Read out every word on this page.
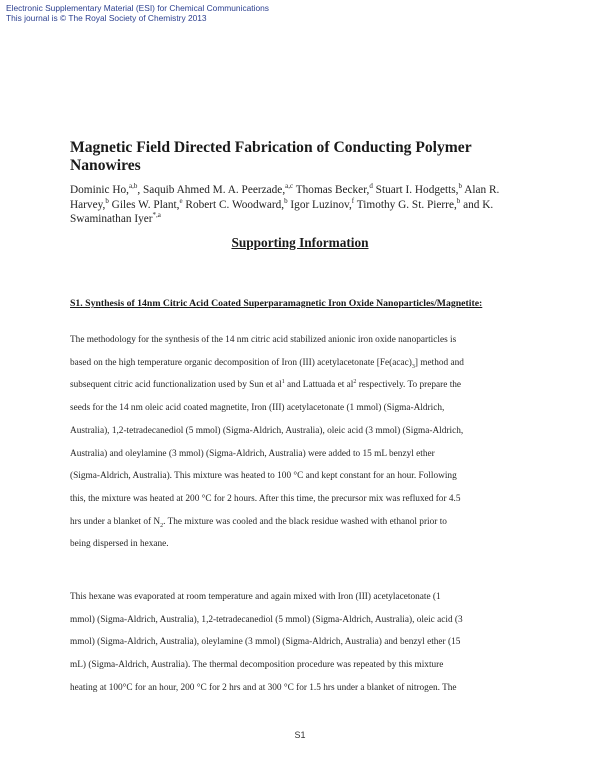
Electronic Supplementary Material (ESI) for Chemical Communications
This journal is © The Royal Society of Chemistry 2013
Magnetic Field Directed Fabrication of Conducting Polymer Nanowires
Dominic Ho,$^{a,b}$, Saquib Ahmed M. A. Peerzade,$^{a,c}$ Thomas Becker,$^d$ Stuart I. Hodgetts,$^b$ Alan R. Harvey,$^b$ Giles W. Plant,$^e$ Robert C. Woodward,$^b$ Igor Luzinov,$^f$ Timothy G. St. Pierre,$^b$ and K. Swaminathan Iyer$^{*,a}$
Supporting Information
S1. Synthesis of 14nm Citric Acid Coated Superparamagnetic Iron Oxide Nanoparticles/Magnetite:
The methodology for the synthesis of the 14 nm citric acid stabilized anionic iron oxide nanoparticles is
based on the high temperature organic decomposition of Iron (III) acetylacetonate $[Fe(acac)_3]$ method and
subsequent citric acid functionalization used by Sun et $al^1$ and Lattuada et $al^2$ respectively. To prepare the
seeds for the 14 nm oleic acid coated magnetite, Iron (III) acetylacetonate (1 mmol) (Sigma-Aldrich,
Australia), 1,2-tetradecanediol (5 mmol) (Sigma-Aldrich, Australia), oleic acid (3 mmol) (Sigma-Aldrich,
Australia) and oleylamine (3 mmol) (Sigma-Aldrich, Australia) were added to 15 mL benzyl ether
(Sigma-Aldrich, Australia). This mixture was heated to 100 °C and kept constant for an hour. Following
this, the mixture was heated at 200 °C for 2 hours. After this time, the precursor mix was refluxed for 4.5
hrs under a blanket of $N_2$. The mixture was cooled and the black residue washed with ethanol prior to
being dispersed in hexane.
This hexane was evaporated at room temperature and again mixed with Iron (III) acetylacetonate (1
mmol) (Sigma-Aldrich, Australia), 1,2-tetradecanediol (5 mmol) (Sigma-Aldrich, Australia), oleic acid (3
mmol) (Sigma-Aldrich, Australia), oleylamine (3 mmol) (Sigma-Aldrich, Australia) and benzyl ether (15
mL) (Sigma-Aldrich, Australia). The thermal decomposition procedure was repeated by this mixture
heating at 100°C for an hour, 200 °C for 2 hrs and at 300 °C for 1.5 hrs under a blanket of nitrogen. The
S1
